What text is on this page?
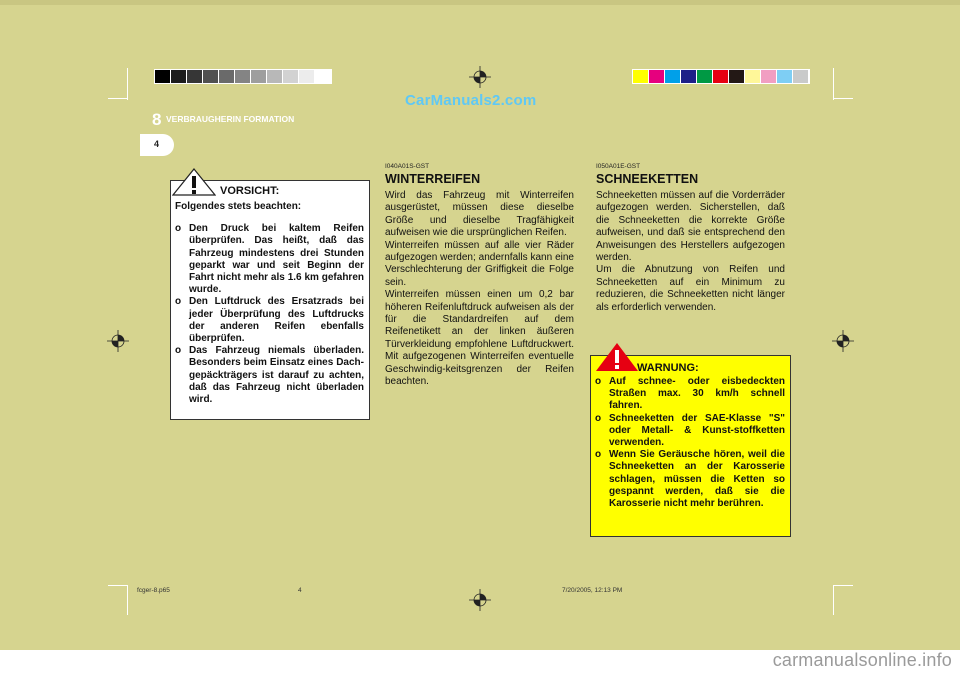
CarManuals2.com
8 VERBRAUGHERIN FORMATION
4
VORSICHT:

Folgendes stets beachten:

o Den Druck bei kaltem Reifen überprüfen. Das heißt, daß das Fahrzeug mindestens drei Stunden geparkt war und seit Beginn der Fahrt nicht mehr als 1.6 km gefahren wurde.
o Den Luftdruck des Ersatzrads bei jeder Überprüfung des Luftdrucks der anderen Reifen ebenfalls überprüfen.
o Das Fahrzeug niemals überladen. Besonders beim Einsatz eines Dach-gepäckträgers ist darauf zu achten, daß das Fahrzeug nicht überladen wird.
I040A01S-GST
WINTERREIFEN

Wird das Fahrzeug mit Winterreifen ausgerüstet, müssen diese dieselbe Größe und dieselbe Tragfähigkeit aufweisen wie die ursprünglichen Reifen.

Winterreifen müssen auf alle vier Räder aufgezogen werden; andernfalls kann eine Verschlechterung der Griffigkeit die Folge sein.

Winterreifen müssen einen um 0,2 bar höheren Reifenluftdruck aufweisen als der für die Standardreifen auf dem Reifenetikett an der linken äußeren Türverkleidung empfohlene Luftdruckwert. Mit aufgezogenen Winterreifen eventuelle Geschwindig-keitsgrenzen der Reifen beachten.

I050A01E-GST
SCHNEEKETTEN

Schneeketten müssen auf die Vorderräder aufgezogen werden. Sicherstellen, daß die Schneeketten die korrekte Größe aufweisen, und daß sie entsprechend den Anweisungen des Herstellers aufgezogen werden.

Um die Abnutzung von Reifen und Schneeketten auf ein Minimum zu reduzieren, die Schneeketten nicht länger als erforderlich verwenden.

WARNUNG:
o Auf schnee- oder eisbedeckten Straßen max. 30 km/h schnell fahren.
o Schneeketten der SAE-Klasse "S" oder Metall- & Kunst-stoffketten verwenden.
o Wenn Sie Geräusche hören, weil die Schneeketten an der Karosserie schlagen, müssen die Ketten so gespannt werden, daß sie die Karosserie nicht mehr berühren.
fcger-8.p65	4	7/20/2005, 12:13 PM
carmanualsonline.info
